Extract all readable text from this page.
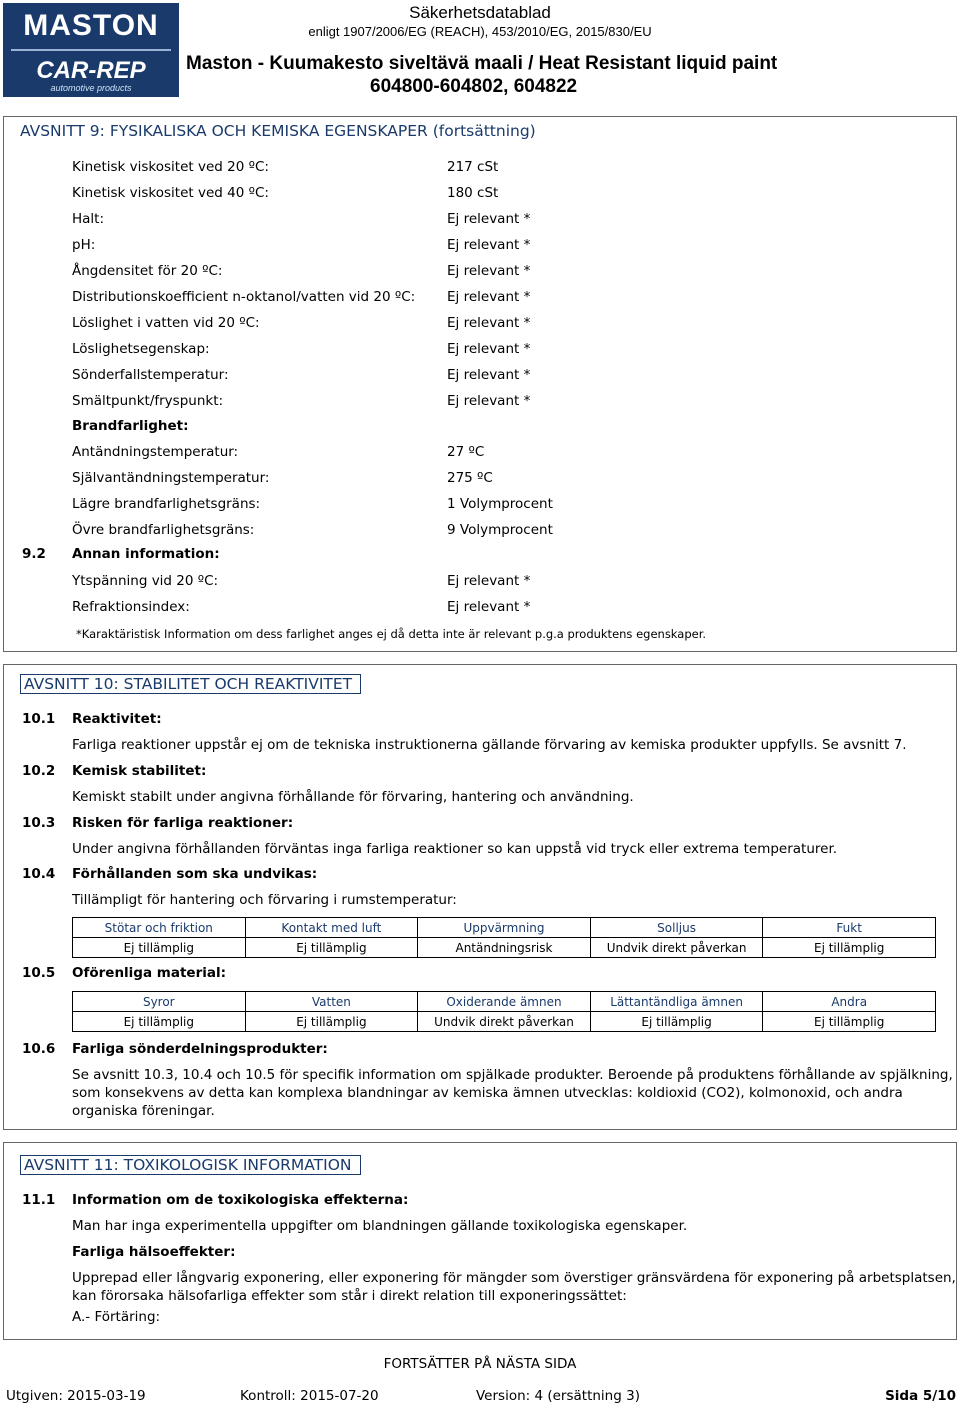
MASTON
CAR-REP
automotive products
Säkerhetsdatablad
enligt 1907/2006/EG (REACH), 453/2010/EG, 2015/830/EU
Maston - Kuumakesto siveltävä maali / Heat Resistant liquid paint
604800-604802, 604822
AVSNITT 9: FYSIKALISKA OCH KEMISKA EGENSKAPER (fortsättning)
Kinetisk viskositet ved 20 ºC:	217 cSt
Kinetisk viskositet ved 40 ºC:	180 cSt
Halt:	Ej relevant *
pH:	Ej relevant *
Ångdensitet för 20 ºC:	Ej relevant *
Distributionskoefficient n-oktanol/vatten vid 20 ºC: Ej relevant *
Löslighet i vatten vid 20 ºC:	Ej relevant *
Löslighetsegenskap:	Ej relevant *
Sönderfallstemperatur:	Ej relevant *
Smältpunkt/fryspunkt:	Ej relevant *
Brandfarlighet:
Antändningstemperatur:	27 ºC
Självantändningstemperatur:	275 ºC
Lägre brandfarlighetsgräns:	1 Volymprocent
Övre brandfarlighetsgräns:	9 Volymprocent
9.2 Annan information:
Ytspänning vid 20 ºC:	Ej relevant *
Refraktionsindex:	Ej relevant *
*Karaktäristisk Information om dess farlighet anges ej då detta inte är relevant p.g.a produktens egenskaper.
AVSNITT 10: STABILITET OCH REAKTIVITET
10.1 Reaktivitet:
Farliga reaktioner uppstår ej om de tekniska instruktionerna gällande förvaring av kemiska produkter uppfylls. Se avsnitt 7.
10.2 Kemisk stabilitet:
Kemiskt stabilt under angivna förhållande för förvaring, hantering och användning.
10.3 Risken för farliga reaktioner:
Under angivna förhållanden förväntas inga farliga reaktioner so kan uppstå vid tryck eller extrema temperaturer.
10.4 Förhållanden som ska undvikas:
Tillämpligt för hantering och förvaring i rumstemperatur:
Stötar och friktion	Kontakt med luft	Uppvärmning	Solljus	Fukt
Ej tillämplig	Ej tillämplig	Antändningsrisk	Undvik direkt påverkan	Ej tillämplig
10.5 Oförenliga material:
Syror	Vatten	Oxiderande ämnen	Lättantändliga ämnen	Andra
Ej tillämplig	Ej tillämplig	Undvik direkt påverkan	Ej tillämplig	Ej tillämplig
10.6 Farliga sönderdelningsprodukter:
Se avsnitt 10.3, 10.4 och 10.5 för specifik information om spjälkade produkter. Beroende på produktens förhållande av spjälkning,
som konsekvens av detta kan komplexa blandningar av kemiska ämnen utvecklas: koldioxid (CO2), kolmonoxid, och andra
organiska föreningar.
AVSNITT 11: TOXIKOLOGISK INFORMATION
11.1 Information om de toxikologiska effekterna:
Man har inga experimentella uppgifter om blandningen gällande toxikologiska egenskaper.
Farliga hälsoeffekter:
Upprepad eller långvarig exponering, eller exponering för mängder som överstiger gränsvärdena för exponering på arbetsplatsen,
kan förorsaka hälsofarliga effekter som står i direkt relation till exponeringssättet:
A.- Förtäring:
FORTSÄTTER PÅ NÄSTA SIDA
Utgiven: 2015-03-19	Kontroll: 2015-07-20	Version: 4 (ersättning 3)	Sida 5/10
